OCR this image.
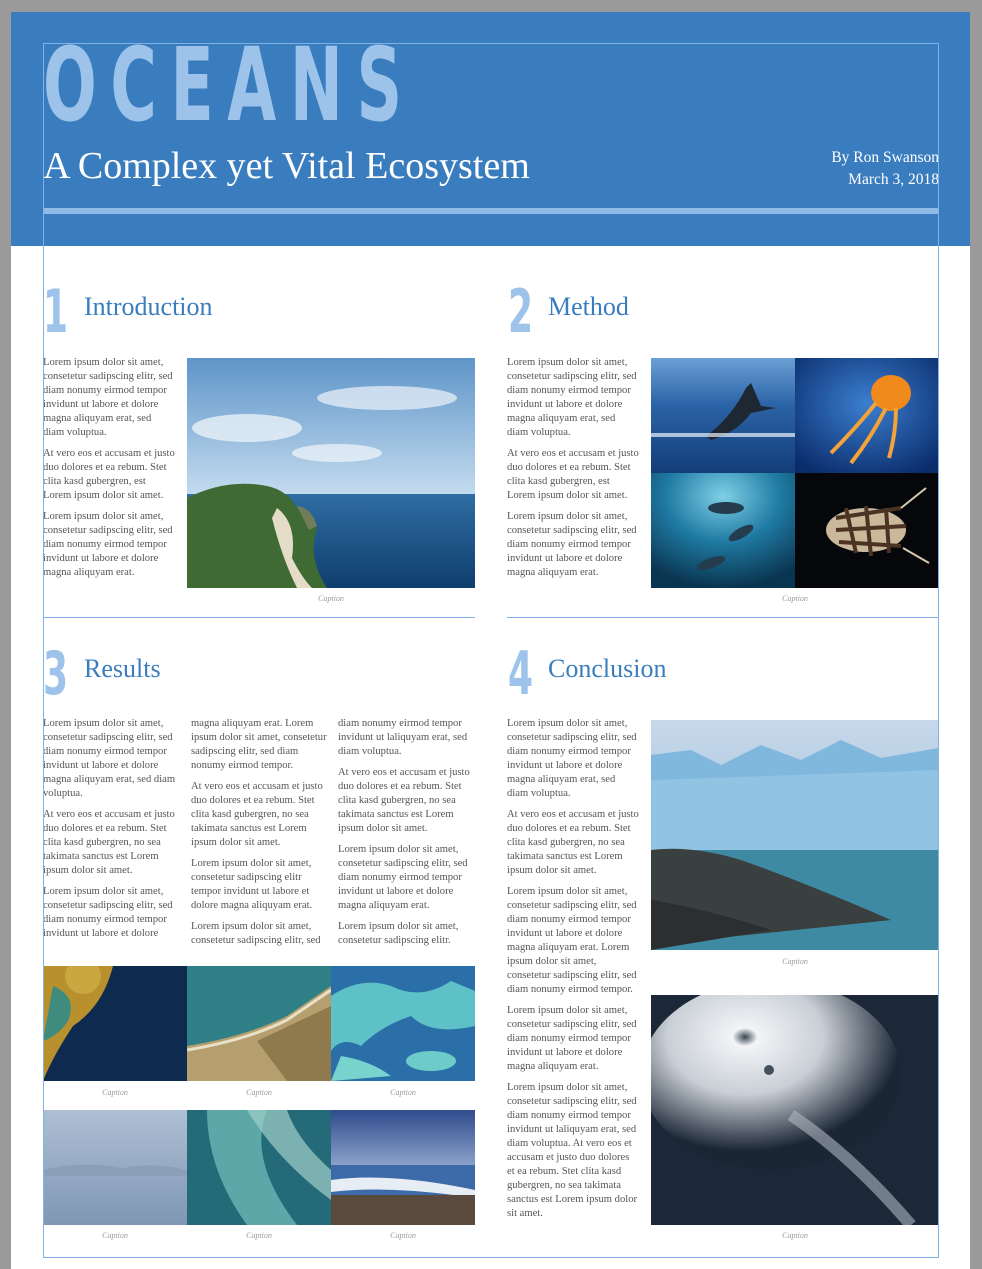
OCEANS
A Complex yet Vital Ecosystem	By Ron Swanson
March 3, 2018
1 Introduction

Lorem ipsum dolor sit amet, consetetur sadipscing elitr, sed diam nonumy eirmod tempor invidunt ut labore et dolore magna aliquyam erat, sed diam voluptua.

At vero eos et accusam et justo duo dolores et ea rebum. Stet clita kasd gubergren, est Lorem ipsum dolor sit amet.

Lorem ipsum dolor sit amet, consetetur sadipscing elitr, sed diam nonumy eirmod tempor invidunt ut labore et dolore magna aliquyam erat.

Caption
2 Method

Lorem ipsum dolor sit amet, consetetur sadipscing elitr, sed diam nonumy eirmod tempor invidunt ut labore et dolore magna aliquyam erat, sed diam voluptua.

At vero eos et accusam et justo duo dolores et ea rebum. Stet clita kasd gubergren, est Lorem ipsum dolor sit amet.

Lorem ipsum dolor sit amet, consetetur sadipscing elitr, sed diam nonumy eirmod tempor invidunt ut labore et dolore magna aliquyam erat.

Caption
3 Results

Lorem ipsum dolor sit amet, consetetur sadipscing elitr, sed diam nonumy eirmod tempor invidunt ut labore et dolore magna aliquyam erat, sed diam voluptua.

At vero eos et accusam et justo duo dolores et ea rebum. Stet clita kasd gubergren, no sea takimata sanctus est Lorem ipsum dolor sit amet.

Lorem ipsum dolor sit amet, consetetur sadipscing elitr, sed diam nonumy eirmod tempor invidunt ut labore et dolore

magna aliquyam erat. Lorem ipsum dolor sit amet, consetetur sadipscing elitr, sed diam nonumy eirmod tempor.

At vero eos et accusam et justo duo dolores et ea rebum. Stet clita kasd gubergren, no sea takimata sanctus est Lorem ipsum dolor sit amet.

Lorem ipsum dolor sit amet, consetetur sadipscing elitr tempor invidunt ut labore et dolore magna aliquyam erat.

Lorem ipsum dolor sit amet, consetetur sadipscing elitr, sed

diam nonumy eirmod tempor invidunt ut laliquyam erat, sed diam voluptua.

At vero eos et accusam et justo duo dolores et ea rebum. Stet clita kasd gubergren, no sea takimata sanctus est Lorem ipsum dolor sit amet.

Lorem ipsum dolor sit amet, consetetur sadipscing elitr, sed diam nonumy eirmod tempor invidunt ut labore et dolore magna aliquyam erat.

Lorem ipsum dolor sit amet, consetetur sadipscing elitr.

Caption	Caption	Caption
Caption	Caption	Caption
4 Conclusion

Lorem ipsum dolor sit amet, consetetur sadipscing elitr, sed diam nonumy eirmod tempor invidunt ut labore et dolore magna aliquyam erat, sed diam voluptua.

At vero eos et accusam et justo duo dolores et ea rebum. Stet clita kasd gubergren, no sea takimata sanctus est Lorem ipsum dolor sit amet.

Lorem ipsum dolor sit amet, consetetur sadipscing elitr, sed diam nonumy eirmod tempor invidunt ut labore et dolore magna aliquyam erat. Lorem ipsum dolor sit amet, consetetur sadipscing elitr, sed diam nonumy eirmod tempor.

Lorem ipsum dolor sit amet, consetetur sadipscing elitr, sed diam nonumy eirmod tempor invidunt ut labore et dolore magna aliquyam erat.

Lorem ipsum dolor sit amet, consetetur sadipscing elitr, sed diam nonumy eirmod tempor invidunt ut laliquyam erat, sed diam voluptua. At vero eos et accusam et justo duo dolores et ea rebum. Stet clita kasd gubergren, no sea takimata sanctus est Lorem ipsum dolor sit amet.

Caption
Caption
